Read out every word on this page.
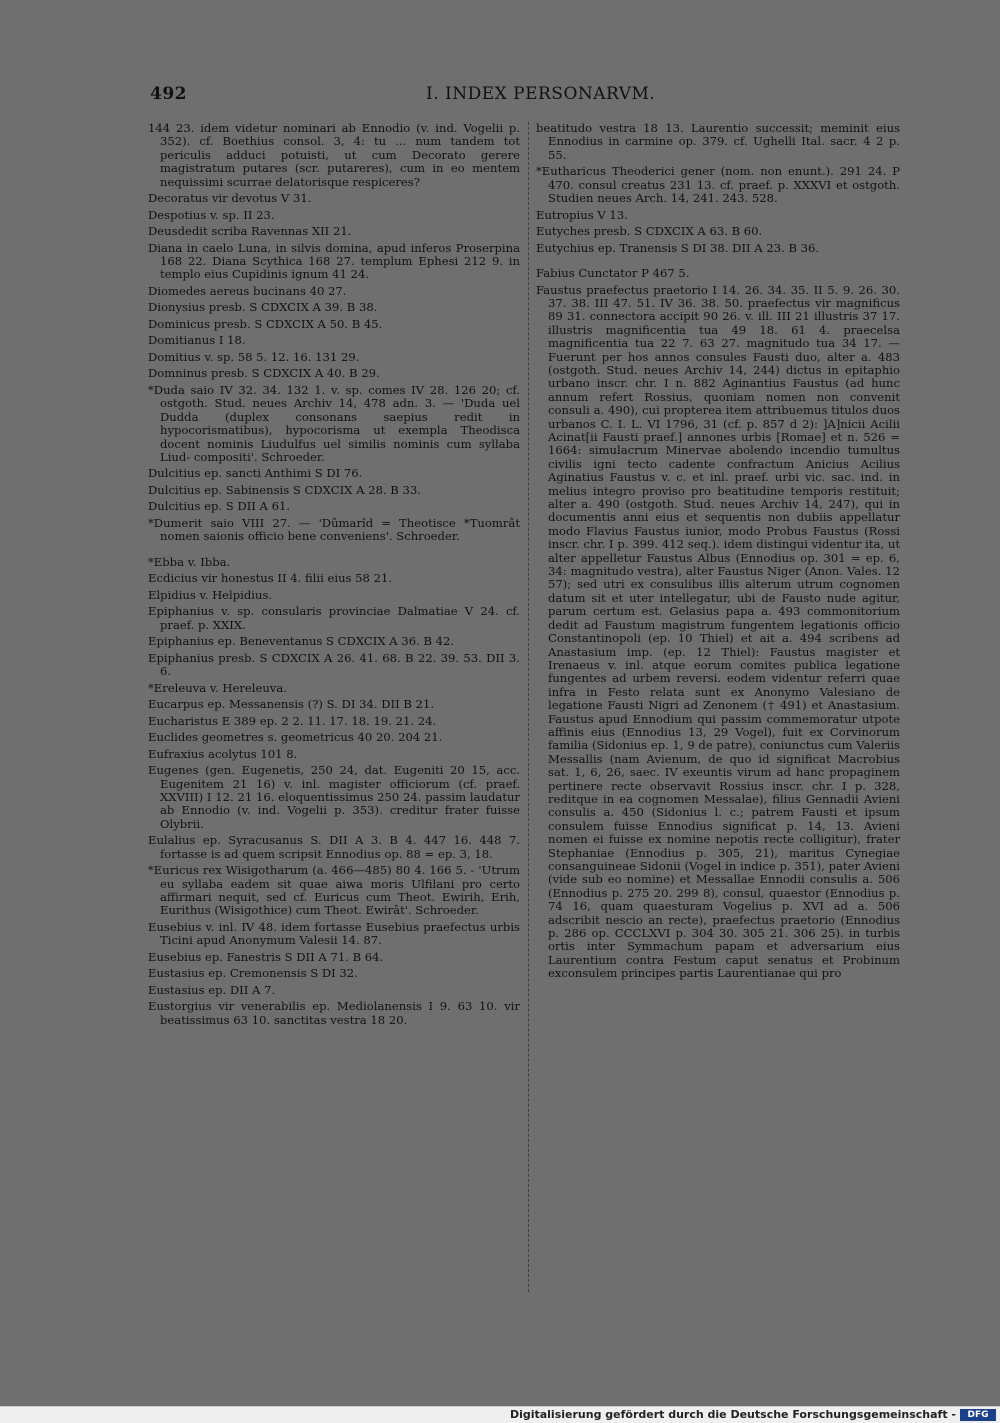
492	I. INDEX PERSONARVM.
144 23. idem videtur nominari ab Ennodio (v. ind. Vogelii p. 352). cf. Boethius consol. 3, 4: tu ... num tandem tot periculis adduci potuisti, ut cum Decorato gerere magistratum putares (scr. putareres), cum in eo mentem nequissimi scurrae delatorisque respiceres?
Decoratus vir devotus V 31.
Despotius v. sp. II 23.
Deusdedit scriba Ravennas XII 21.
Diana in caelo Luna, in silvis domina, apud inferos Proserpina 168 22. Diana Scythica 168 27. templum Ephesi 212 9. in templo eius Cupidinis ignum 41 24.
Diomedes aereus bucinans 40 27.
Dionysius presb. S CDXCIX A 39. B 38.
Dominicus presb. S CDXCIX A 50. B 45.
Domitianus I 18.
Domitius v. sp. 58 5. 12. 16. 131 29.
Domninus presb. S CDXCIX A 40. B 29.
*Duda saio IV 32. 34. 132 1. v. sp. comes IV 28. 126 20; cf. ostgoth. Stud. neues Archiv 14, 478 adn. 3. — 'Duda uel Dudda (duplex consonans saepius redit in hypocorismatibus), hypocorisma ut exempla Theodisca docent nominis Liudulfus uel similis nominis cum syllaba Liud- compositi'. Schroeder.
Dulcitius ep. sancti Anthimi S DI 76.
Dulcitius ep. Sabinensis S CDXCIX A 28. B 33.
Dulcitius ep. S DII A 61.
*Dumerit saio VIII 27. — 'Dûmarîd = Theotisce *Tuomrât nomen saionis officio bene conveniens'. Schroeder.
*Ebba v. Ibba.
Ecdicius vir honestus II 4. filii eius 58 21.
Elpidius v. Helpidius.
Epiphanius v. sp. consularis provinciae Dalmatiae V 24. cf. praef. p. XXIX.
Epiphanius ep. Beneventanus S CDXCIX A 36. B 42.
Epiphanius presb. S CDXCIX A 26. 41. 68. B 22. 39. 53. DII 3. 6.
*Ereleuva v. Hereleuva.
Eucarpus ep. Messanensis (?) S. DI 34. DII B 21.
Eucharistus E 389 ep. 2 2. 11. 17. 18. 19. 21. 24.
Euclides geometres s. geometricus 40 20. 204 21.
Eufraxius acolytus 101 8.
Eugenes (gen. Eugenetis, 250 24, dat. Eugeniti 20 15, acc. Eugenitem 21 16) v. inl. magister officiorum (cf. praef. XXVIII) I 12. 21 16. eloquentissimus 250 24. passim laudatur ab Ennodio (v. ind. Vogelii p. 353). creditur frater fuisse Olybrii.
Eulalius ep. Syracusanus S. DII A 3. B 4. 447 16. 448 7. fortasse is ad quem scripsit Ennodius op. 88 = ep. 3, 18.
*Euricus rex Wisigotharum (a. 466—485) 80 4. 166 5. - 'Utrum eu syllaba eadem sit quae aiwa moris Ulfilani pro certo affirmari nequit, sed cf. Euricus cum Theot. Ewirih, Erih, Eurithus (Wisigothice) cum Theot. Ewirât'. Schroeder.
Eusebius v. inl. IV 48. idem fortasse Eusebius praefectus urbis Ticini apud Anonymum Valesii 14. 87.
Eusebius ep. Fanestris S DII A 71. B 64.
Eustasius ep. Cremonensis S DI 32.
Eustasius ep. DII A 7.
Eustorgius vir venerabilis ep. Mediolanensis I 9. 63 10. vir beatissimus 63 10. sanctitas vestra 18 20.
beatitudo vestra 18 13. Laurentio successit; meminit eius Ennodius in carmine op. 379. cf. Ughelli Ital. sacr. 4 2 p. 55.
*Eutharicus Theoderici gener (nom. non enunt.). 291 24. P 470. consul creatus 231 13. cf. praef. p. XXXVI et ostgoth. Studien neues Arch. 14, 241. 243. 528.
Eutropius V 13.
Eutyches presb. S CDXCIX A 63. B 60.
Eutychius ep. Tranensis S DI 38. DII A 23. B 36.
Fabius Cunctator P 467 5.
Faustus praefectus praetorio I 14. 26. 34. 35. II 5. 9. 26. 30. 37. 38. III 47. 51. IV 36. 38. 50. praefectus vir magnificus 89 31. connectora accipit 90 26. v. ill. III 21 illustris 37 17. illustris magnificentia tua 49 18. 61 4. praecelsa magnificentia tua 22 7. 63 27. magnitudo tua 34 17. — Fuerunt per hos annos consules Fausti duo, alter a. 483 (ostgoth. Stud. neues Archiv 14, 244) dictus in epitaphio urbano inscr. chr. I n. 882 Aginantius Faustus (ad hunc annum refert Rossius, quoniam nomen non convenit consuli a. 490), cui propterea item attribuemus titulos duos urbanos C. I. L. VI 1796, 31 (cf. p. 857 d 2): ]A]nicii Acilii Acinat[ii Fausti praef.] annones urbis [Romae] et n. 526 = 1664: simulacrum Minervae abolendo incendio tumultus civilis igni tecto cadente confractum Anicius Acilius Aginatius Faustus v. c. et inl. praef. urbi vic. sac. ind. in melius integro proviso pro beatitudine temporis restituit; alter a. 490 (ostgoth. Stud. neues Archiv 14, 247), qui in documentis anni eius et sequentis non dubiis appellatur modo Flavius Faustus iunior, modo Probus Faustus (Rossi inscr. chr. I p. 399. 412 seq.). idem distingui videntur ita, ut alter appelletur Faustus Albus (Ennodius op. 301 = ep. 6, 34: magnitudo vestra), alter Faustus Niger (Anon. Vales. 12 57); sed utri ex consulibus illis alterum utrum cognomen datum sit et uter intellegatur, ubi de Fausto nude agitur, parum certum est. Gelasius papa a. 493 commonitorium dedit ad Faustum magistrum fungentem legationis officio Constantinopoli (ep. 10 Thiel) et ait a. 494 scribens ad Anastasium imp. (ep. 12 Thiel): Faustus magister et Irenaeus v. inl. atque eorum comites publica legatione fungentes ad urbem reversi. eodem videntur referri quae infra in Festo relata sunt ex Anonymo Valesiano de legatione Fausti Nigri ad Zenonem († 491) et Anastasium. Faustus apud Ennodium qui passim commemoratur utpote affinis eius (Ennodius 13, 29 Vogel), fuit ex Corvinorum familia (Sidonius ep. 1, 9 de patre), coniunctus cum Valeriis Messallis (nam Avienum, de quo id significat Macrobius sat. 1, 6, 26, saec. IV exeuntis virum ad hanc propaginem pertinere recte observavit Rossius inscr. chr. I p. 328, reditque in ea cognomen Messalae), filius Gennadii Avieni consulis a. 450 (Sidonius l. c.; patrem Fausti et ipsum consulem fuisse Ennodius significat p. 14, 13. Avieni nomen ei fuisse ex nomine nepotis recte colligitur), frater Stephaniae (Ennodius p. 305, 21), maritus Cynegiae consanguineae Sidonii (Vogel in indice p. 351), pater Avieni (vide sub eo nomine) et Messallae Ennodii consulis a. 506 (Ennodius p. 275 20. 299 8), consul, quaestor (Ennodius p. 74 16, quam quaesturam Vogelius p. XVI ad a. 506 adscribit nescio an recte), praefectus praetorio (Ennodius p. 286 op. CCCLXVI p. 304 30. 305 21. 306 25). in turbis ortis inter Symmachum papam et adversarium eius Laurentium contra Festum caput senatus et Probinum exconsulem principes partis Laurentianae qui pro
Digitalisierung gefördert durch die Deutsche Forschungsgemeinschaft -	DFG
